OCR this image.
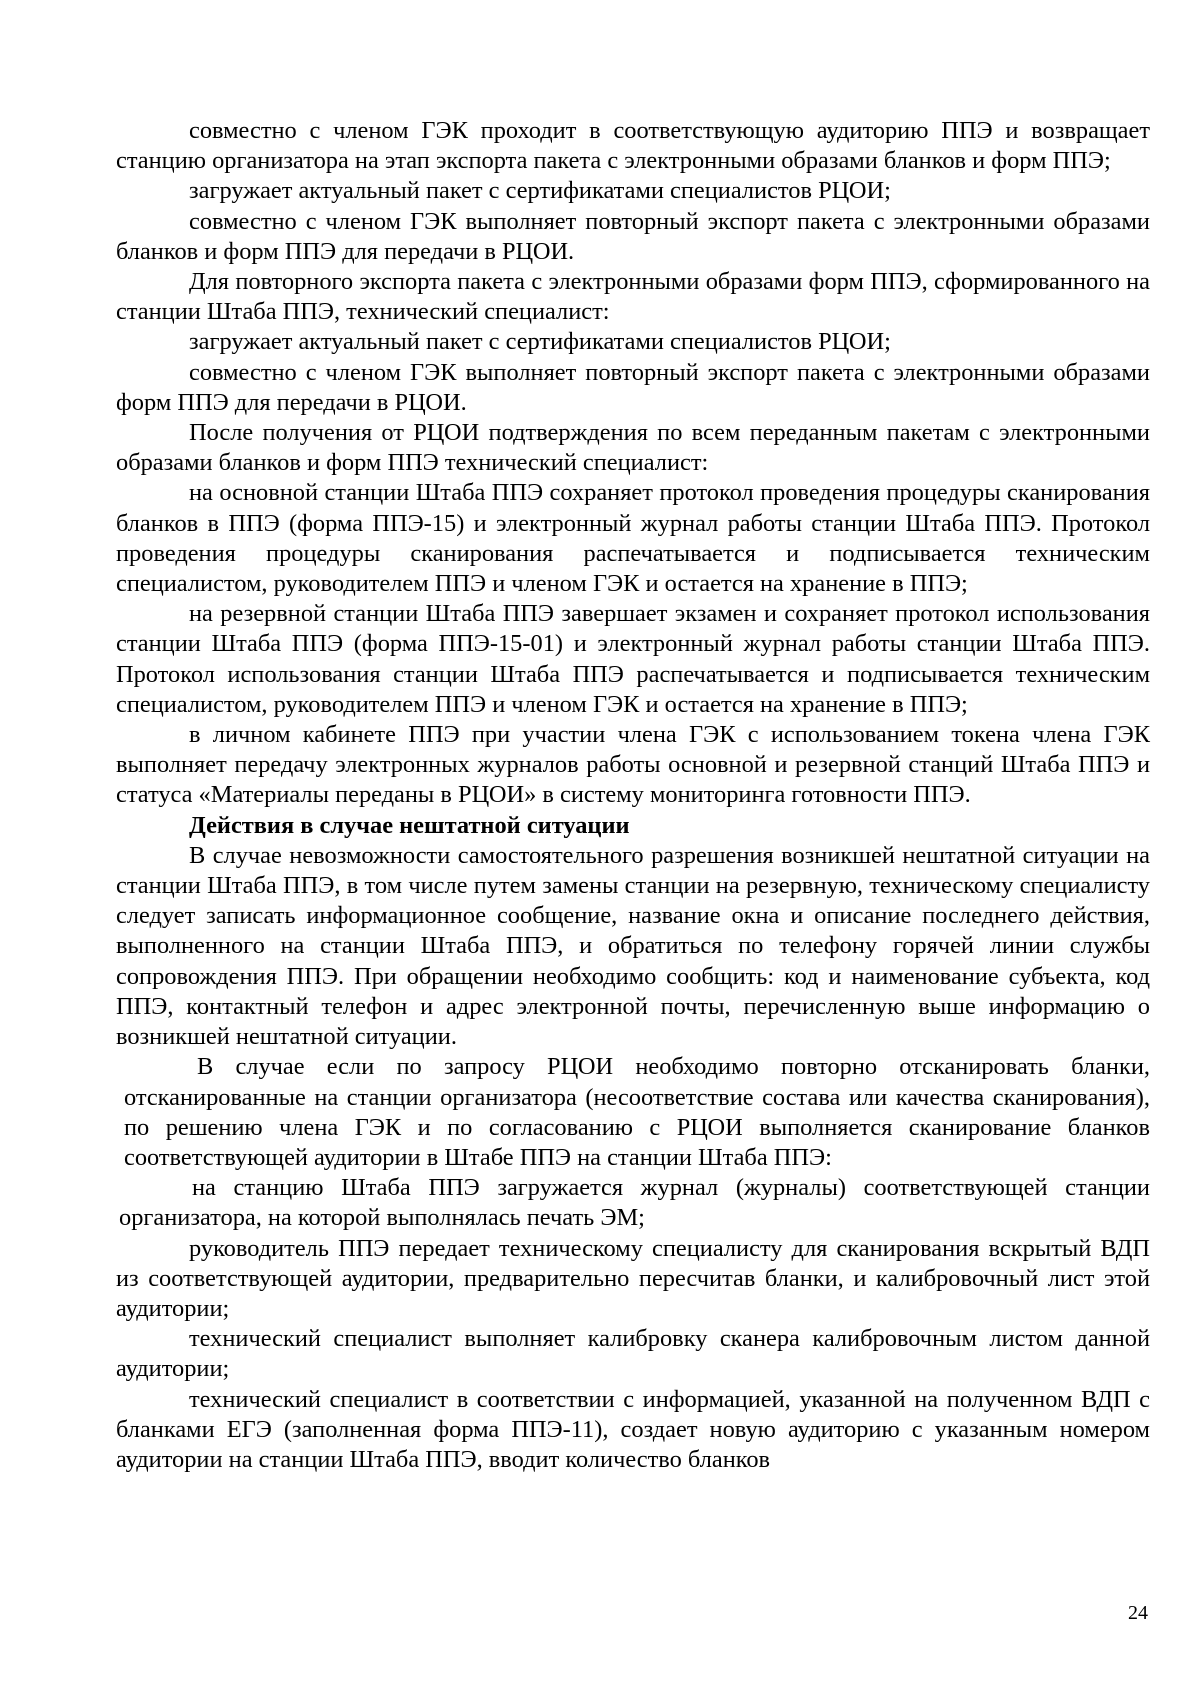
совместно с членом ГЭК проходит в соответствующую аудиторию ППЭ и возвращает станцию организатора на этап экспорта пакета с электронными образами бланков и форм ППЭ;

загружает актуальный пакет с сертификатами специалистов РЦОИ;

совместно с членом ГЭК выполняет повторный экспорт пакета с электронными образами бланков и форм ППЭ для передачи в РЦОИ.

Для повторного экспорта пакета с электронными образами форм ППЭ, сформированного на станции Штаба ППЭ, технический специалист:

загружает актуальный пакет с сертификатами специалистов РЦОИ;

совместно с членом ГЭК выполняет повторный экспорт пакета с электронными образами форм ППЭ для передачи в РЦОИ.

После получения от РЦОИ подтверждения по всем переданным пакетам с электронными образами бланков и форм ППЭ технический специалист:

на основной станции Штаба ППЭ сохраняет протокол проведения процедуры сканирования бланков в ППЭ (форма ППЭ-15) и электронный журнал работы станции Штаба ППЭ. Протокол проведения процедуры сканирования распечатывается и подписывается техническим специалистом, руководителем ППЭ и членом ГЭК и остается на хранение в ППЭ;

на резервной станции Штаба ППЭ завершает экзамен и сохраняет протокол использования станции Штаба ППЭ (форма ППЭ-15-01) и электронный журнал работы станции Штаба ППЭ. Протокол использования станции Штаба ППЭ распечатывается и подписывается техническим специалистом, руководителем ППЭ и членом ГЭК и остается на хранение в ППЭ;

в личном кабинете ППЭ при участии члена ГЭК с использованием токена члена ГЭК выполняет передачу электронных журналов работы основной и резервной станций Штаба ППЭ и статуса «Материалы переданы в РЦОИ» в систему мониторинга готовности ППЭ.

Действия в случае нештатной ситуации

В случае невозможности самостоятельного разрешения возникшей нештатной ситуации на станции Штаба ППЭ, в том числе путем замены станции на резервную, техническому специалисту следует записать информационное сообщение, название окна и описание последнего действия, выполненного на станции Штаба ППЭ, и обратиться по телефону горячей линии службы сопровождения ППЭ. При обращении необходимо сообщить: код и наименование субъекта, код ППЭ, контактный телефон и адрес электронной почты, перечисленную выше информацию о возникшей нештатной ситуации.

В случае если по запросу РЦОИ необходимо повторно отсканировать бланки, отсканированные на станции организатора (несоответствие состава или качества сканирования), по решению члена ГЭК и по согласованию с РЦОИ выполняется сканирование бланков соответствующей аудитории в Штабе ППЭ на станции Штаба ППЭ:

на станцию Штаба ППЭ загружается журнал (журналы) соответствующей станции организатора, на которой выполнялась печать ЭМ;

руководитель ППЭ передает техническому специалисту для сканирования вскрытый ВДП из соответствующей аудитории, предварительно пересчитав бланки, и калибровочный лист этой аудитории;

технический специалист выполняет калибровку сканера калибровочным листом данной аудитории;

технический специалист в соответствии с информацией, указанной на полученном ВДП с бланками ЕГЭ (заполненная форма ППЭ-11), создает новую аудиторию с указанным номером аудитории на станции Штаба ППЭ, вводит количество бланков

24
